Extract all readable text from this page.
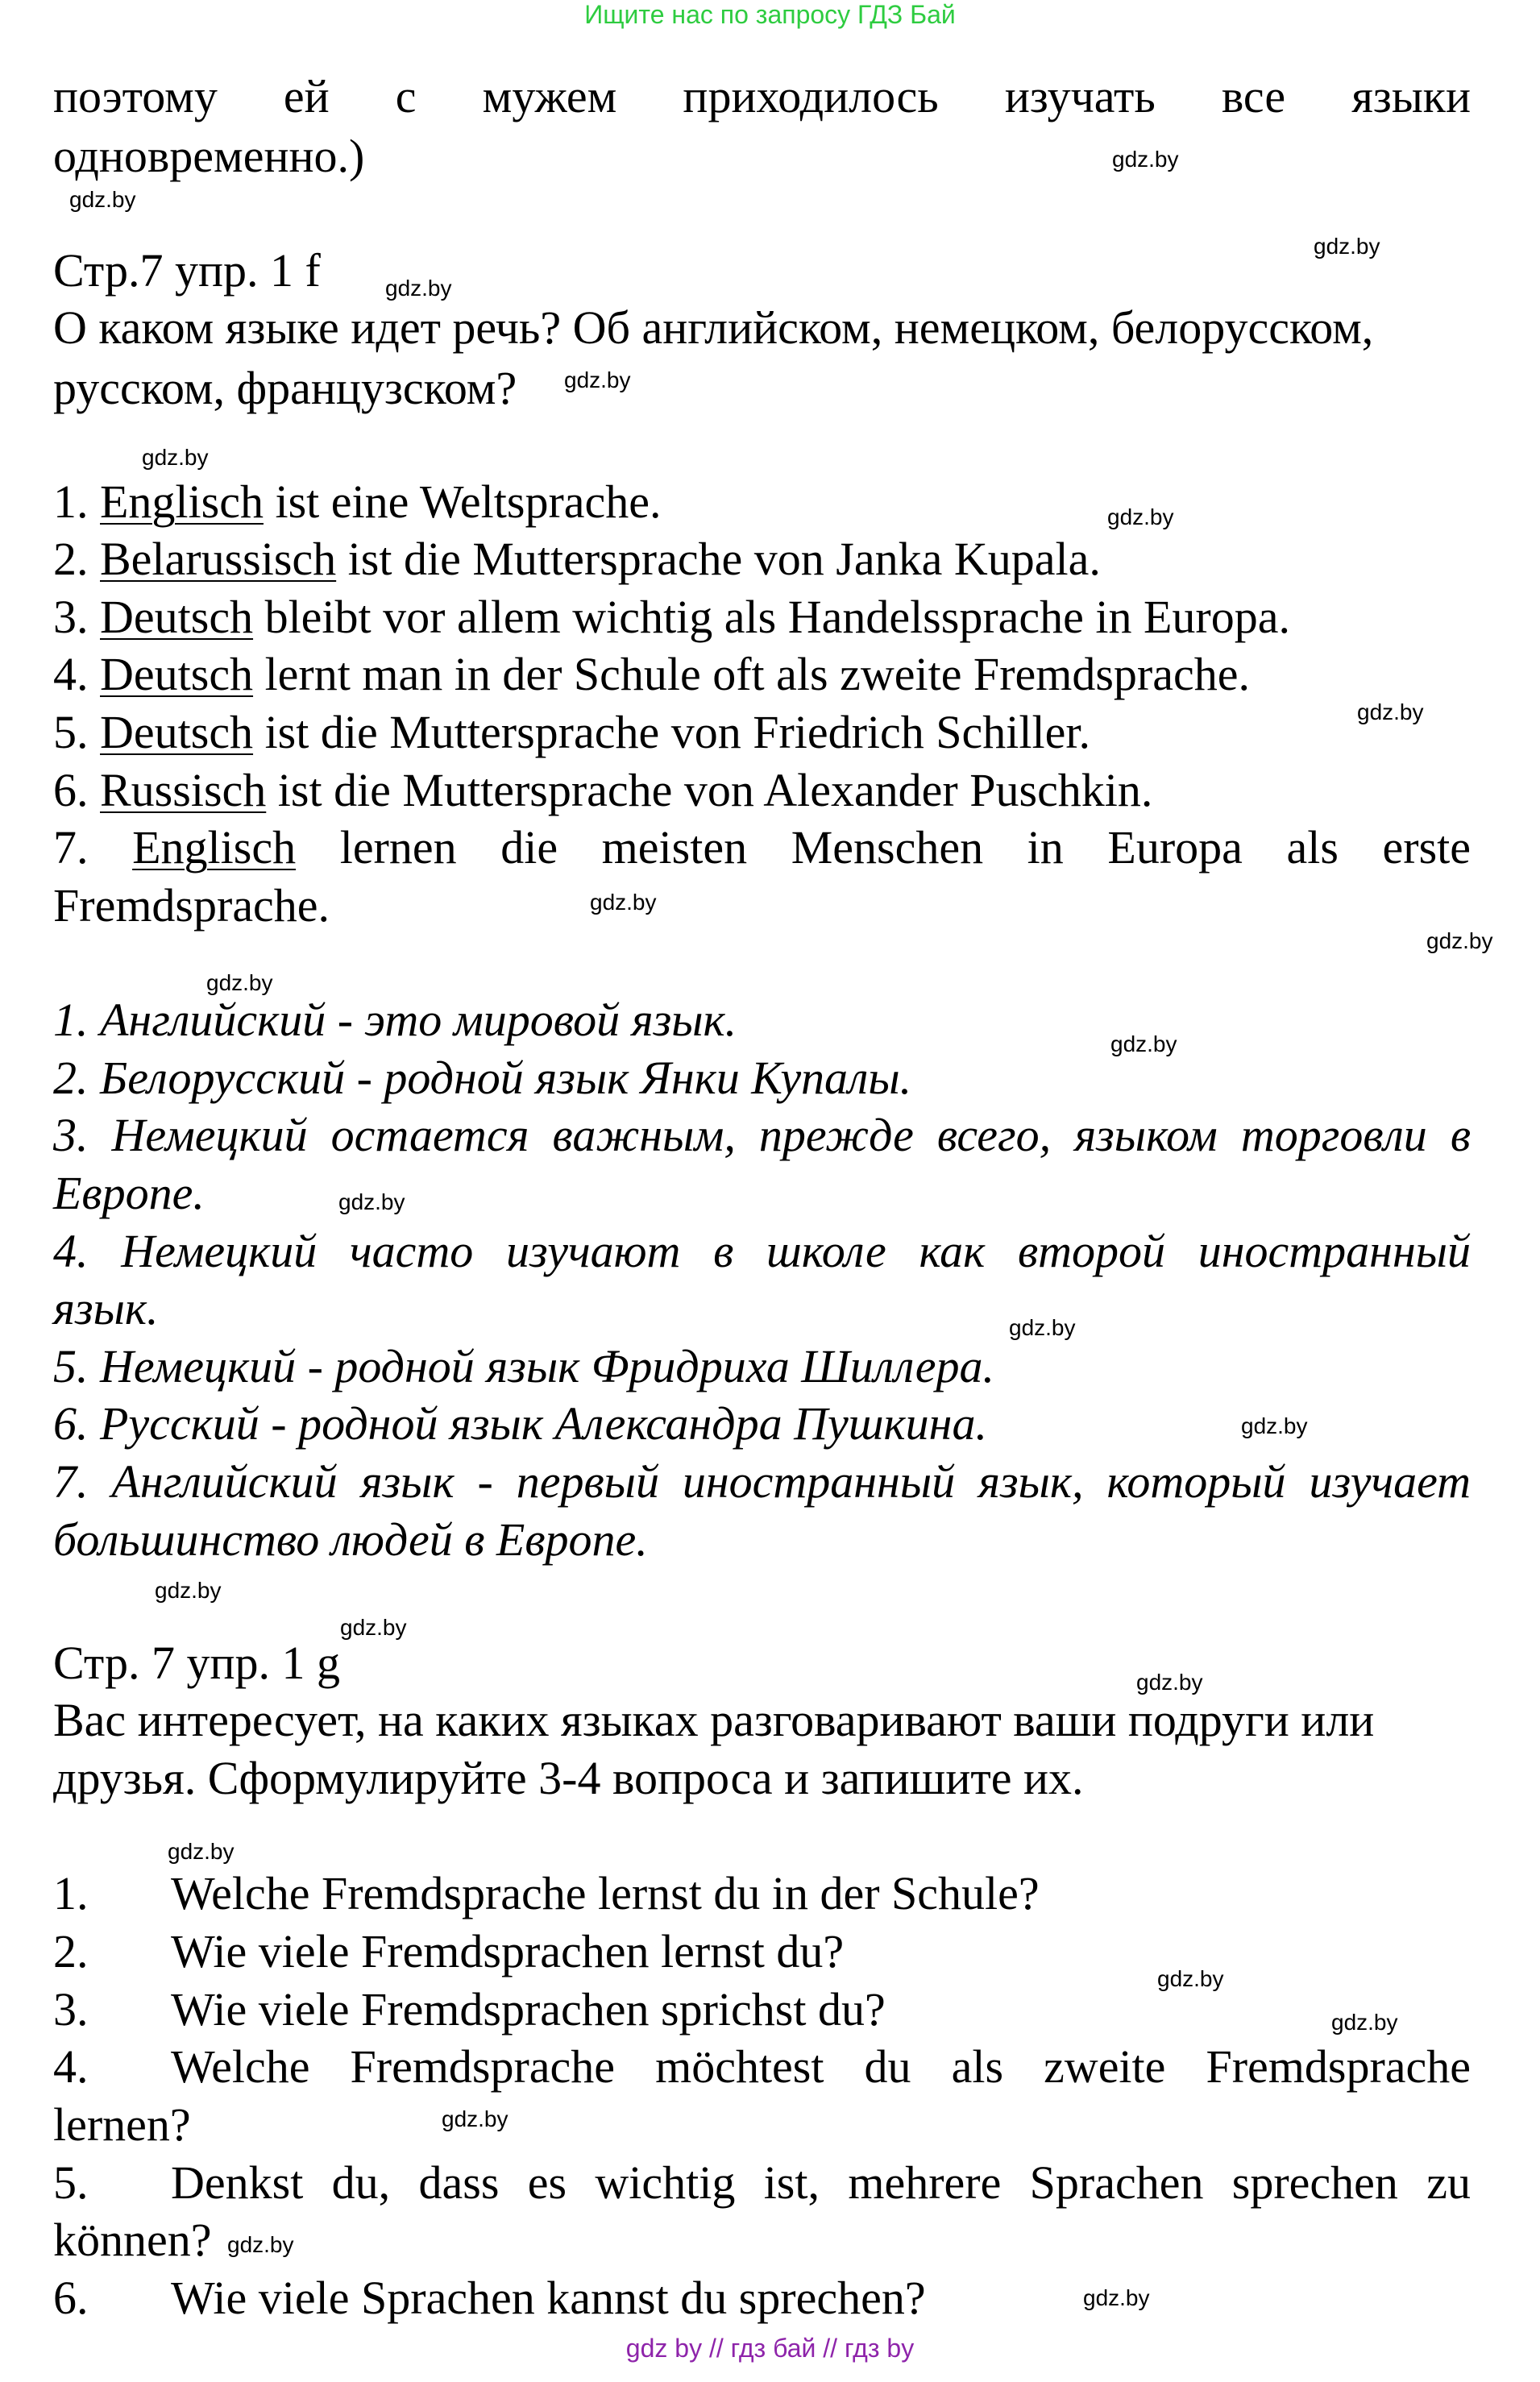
Ищите нас по запросу ГДЗ Бай
поэтому ей с мужем приходилось изучать все языки
одновременно.)
Стр.7 упр. 1 f
О каком языке идет речь? Об английском, немецком, белорусском,
русском, французском?
1. Englisch ist eine Weltsprache.
2. Belarussisch ist die Muttersprache von Janka Kupala.
3. Deutsch bleibt vor allem wichtig als Handelssprache in Europa.
4. Deutsch lernt man in der Schule oft als zweite Fremdsprache.
5. Deutsch ist die Muttersprache von Friedrich Schiller.
6. Russisch ist die Muttersprache von Alexander Puschkin.
7. Englisch lernen die meisten Menschen in Europa als erste
Fremdsprache.
1. Английский - это мировой язык.
2. Белорусский - родной язык Янки Купалы.
3. Немецкий остается важным, прежде всего, языком торговли в
Европе.
4. Немецкий часто изучают в школе как второй иностранный
язык.
5. Немецкий - родной язык Фридриха Шиллера.
6. Русский - родной язык Александра Пушкина.
7. Английский язык - первый иностранный язык, который изучает
большинство людей в Европе.
Стр. 7 упр. 1 g
Вас интересует, на каких языках разговаривают ваши подруги или
друзья. Сформулируйте 3-4 вопроса и запишите их.
1. Welche Fremdsprache lernst du in der Schule?
2. Wie viele Fremdsprachen lernst du?
3. Wie viele Fremdsprachen sprichst du?
4. Welche Fremdsprache möchtest du als zweite Fremdsprache
lernen?
5. Denkst du, dass es wichtig ist, mehrere Sprachen sprechen zu
können?
6. Wie viele Sprachen kannst du sprechen?
gdz.by
gdz.by
gdz.by
gdz.by
gdz.by
gdz.by
gdz.by
gdz.by
gdz.by
gdz.by
gdz.by
gdz.by
gdz.by
gdz.by
gdz.by
gdz.by
gdz.by
gdz.by
gdz.by
gdz.by
gdz.by
gdz.by
gdz.by
gdz.by
gdz by // гдз бай // гдз by
